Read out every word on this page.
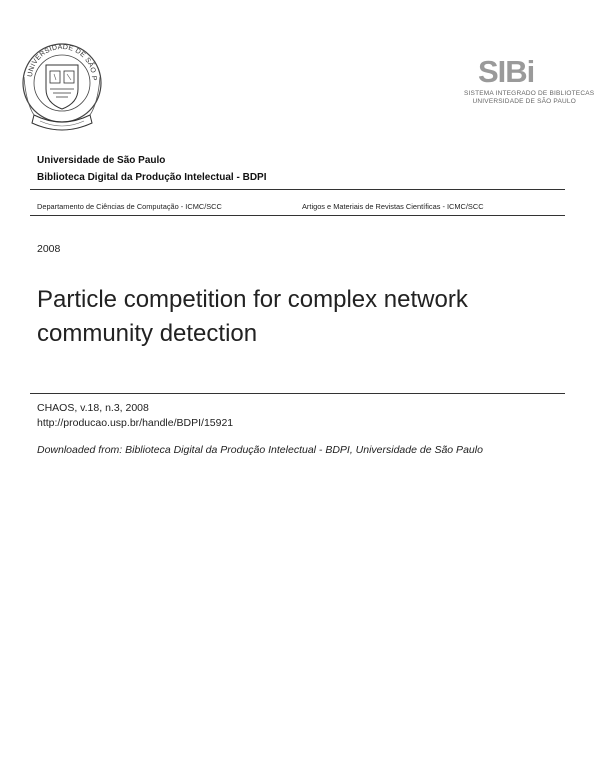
UNIVERSIDADE DE SÃO P	SIBi
SISTEMA INTEGRADO DE BIBLIOTECAS
UNIVERSIDADE DE SÃO PAULO
Universidade de São Paulo
Biblioteca Digital da Produção Intelectual - BDPI
Departamento de Ciências de Computação - ICMC/SCC	Artigos e Materiais de Revistas Científicas - ICMC/SCC
2008
Particle competition for complex network community detection
CHAOS, v.18, n.3, 2008
http://producao.usp.br/handle/BDPI/15921
Downloaded from: Biblioteca Digital da Produção Intelectual - BDPI, Universidade de São Paulo
